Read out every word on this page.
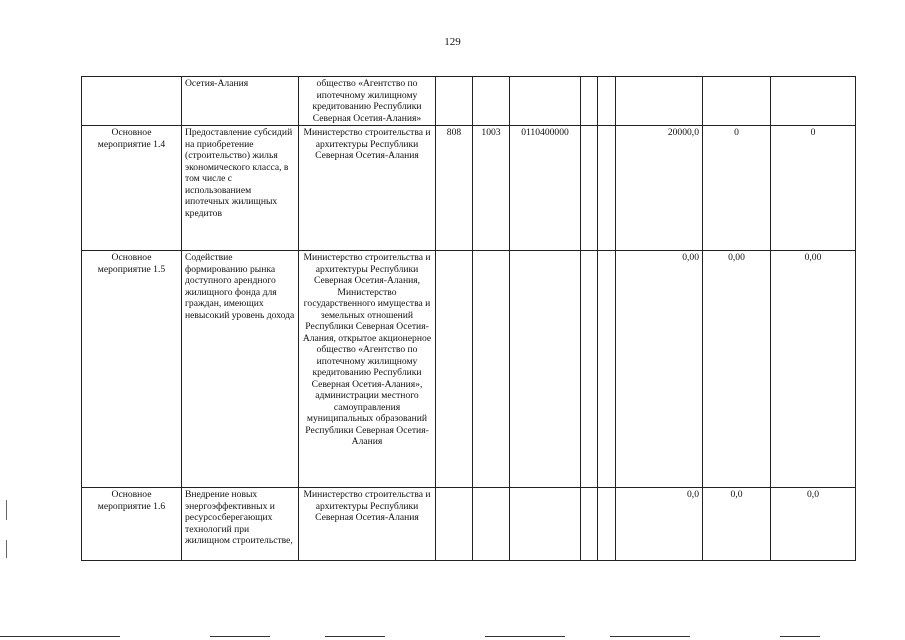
129
	Осетия-Алания	общество «Агентство по ипотечному жилищному кредитованию Республики Северная Осетия-Алания»								
Основное мероприятие 1.4	Предоставление субсидий на приобретение (строительство) жилья экономического класса, в том числе с использованием ипотечных жилищных кредитов	Министерство строительства и архитектуры Республики Северная Осетия-Алания	808	1003	0110400000			20000,0	0	0
Основное мероприятие 1.5	Содействие формированию рынка доступного арендного жилищного фонда для граждан, имеющих невысокий уровень дохода	Министерство строительства и архитектуры Республики Северная Осетия-Алания, Министерство государственного имущества и земельных отношений Республики Северная Осетия-Алания, открытое акционерное общество «Агентство по ипотечному жилищному кредитованию Республики Северная Осетия-Алания», администрации местного самоуправления муниципальных образований Республики Северная Осетия-Алания						0,00	0,00	0,00
Основное мероприятие 1.6	Внедрение новых энергоэффективных и ресурсосберегающих технологий при жилищном строительстве,	Министерство строительства и архитектуры Республики Северная Осетия-Алания						0,0	0,0	0,0
